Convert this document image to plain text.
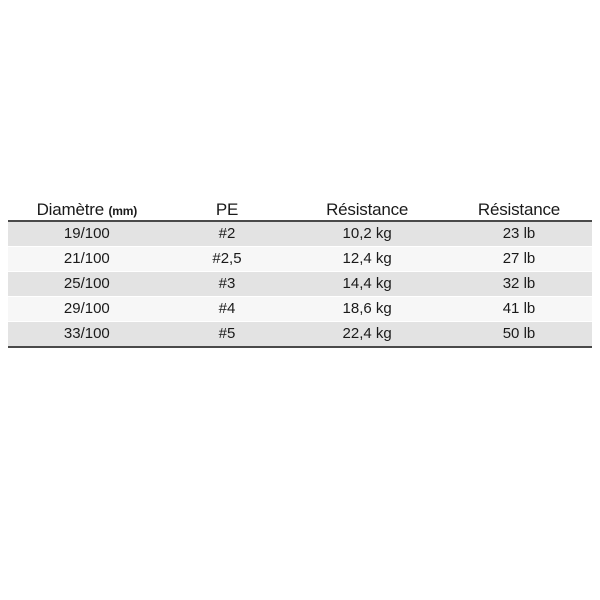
Diamètre (mm)	PE	Résistance	Résistance
19/100	#2	10,2 kg	23 lb
21/100	#2,5	12,4 kg	27 lb
25/100	#3	14,4 kg	32 lb
29/100	#4	18,6 kg	41 lb
33/100	#5	22,4 kg	50 lb
